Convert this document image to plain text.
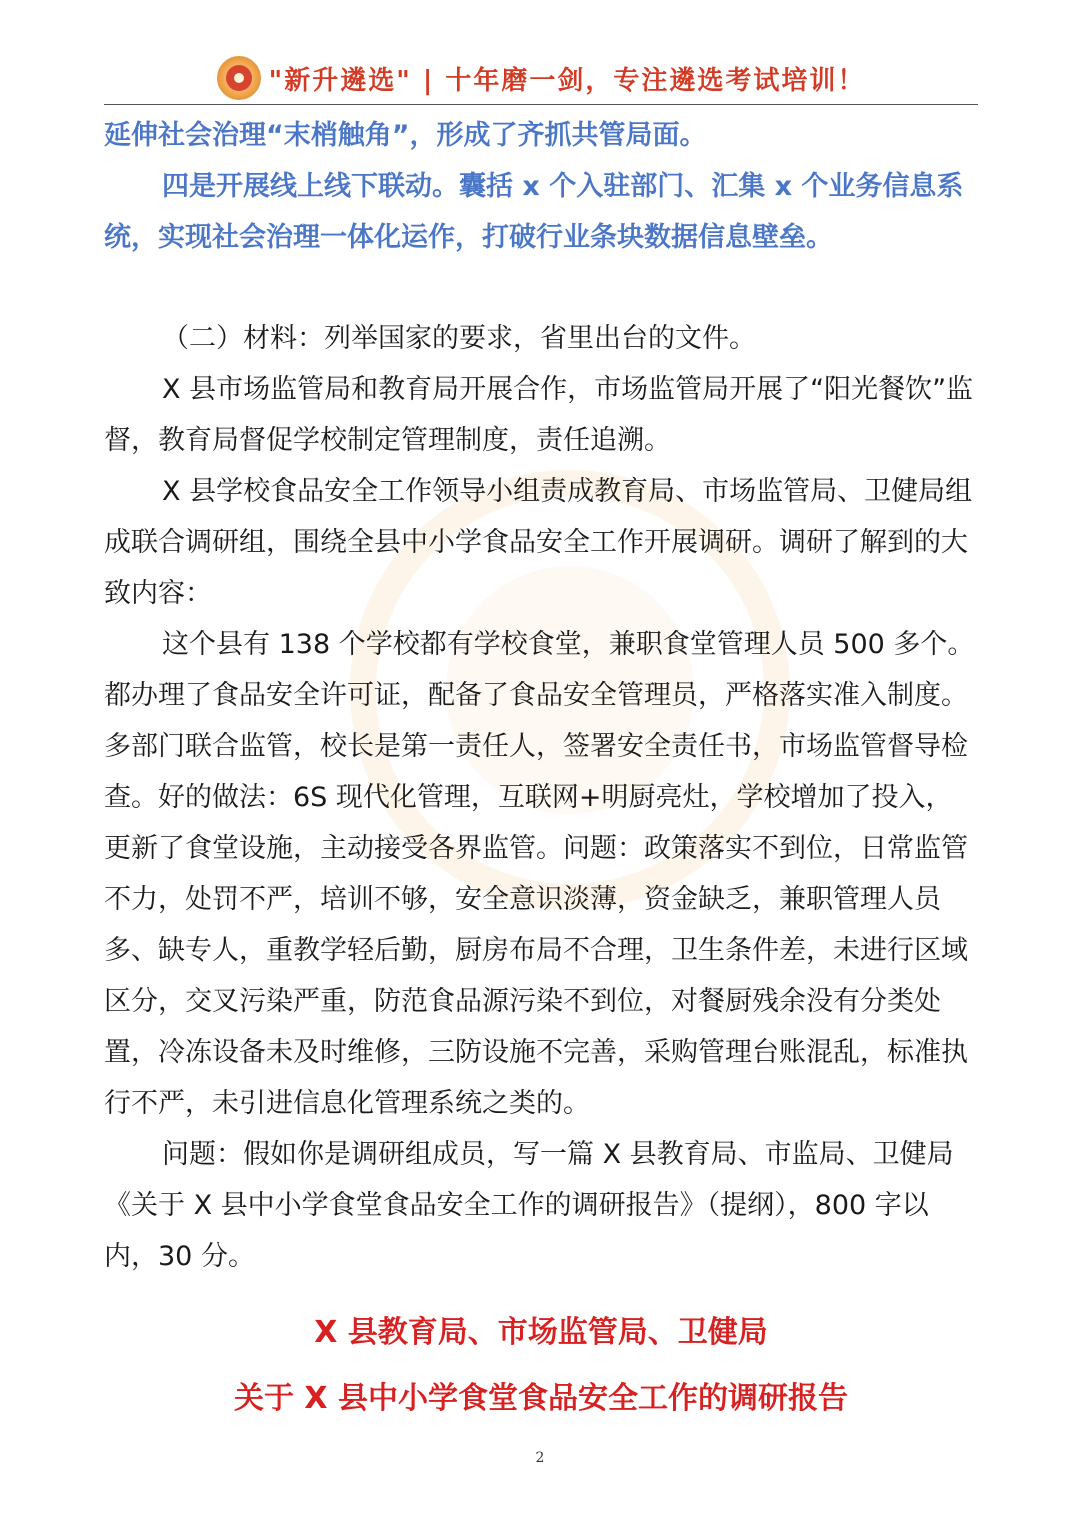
"新升遴选" | 十年磨一剑，专注遴选考试培训！

延伸社会治理“末梢触角”，形成了齐抓共管局面。

四是开展线上线下联动。囊括 x 个入驻部门、汇集 x 个业务信息系统，实现社会治理一体化运作，打破行业条块数据信息壁垒。

（二）材料：列举国家的要求，省里出台的文件。

X 县市场监管局和教育局开展合作，市场监管局开展了“阳光餐饮”监督，教育局督促学校制定管理制度，责任追溯。

X 县学校食品安全工作领导小组责成教育局、市场监管局、卫健局组成联合调研组，围绕全县中小学食品安全工作开展调研。调研了解到的大致内容：

这个县有 138 个学校都有学校食堂，兼职食堂管理人员 500 多个。都办理了食品安全许可证，配备了食品安全管理员，严格落实准入制度。多部门联合监管，校长是第一责任人，签署安全责任书，市场监管督导检查。好的做法：6S 现代化管理，互联网+明厨亮灶，学校增加了投入，更新了食堂设施，主动接受各界监管。问题：政策落实不到位，日常监管不力，处罚不严，培训不够，安全意识淡薄，资金缺乏，兼职管理人员多、缺专人，重教学轻后勤，厨房布局不合理，卫生条件差，未进行区域区分，交叉污染严重，防范食品源污染不到位，对餐厨残余没有分类处置，冷冻设备未及时维修，三防设施不完善，采购管理台账混乱，标准执行不严，未引进信息化管理系统之类的。

问题：假如你是调研组成员，写一篇 X 县教育局、市监局、卫健局《关于 X 县中小学食堂食品安全工作的调研报告》（提纲），800 字以内，30 分。

X 县教育局、市场监管局、卫健局
关于 X 县中小学食堂食品安全工作的调研报告
2
